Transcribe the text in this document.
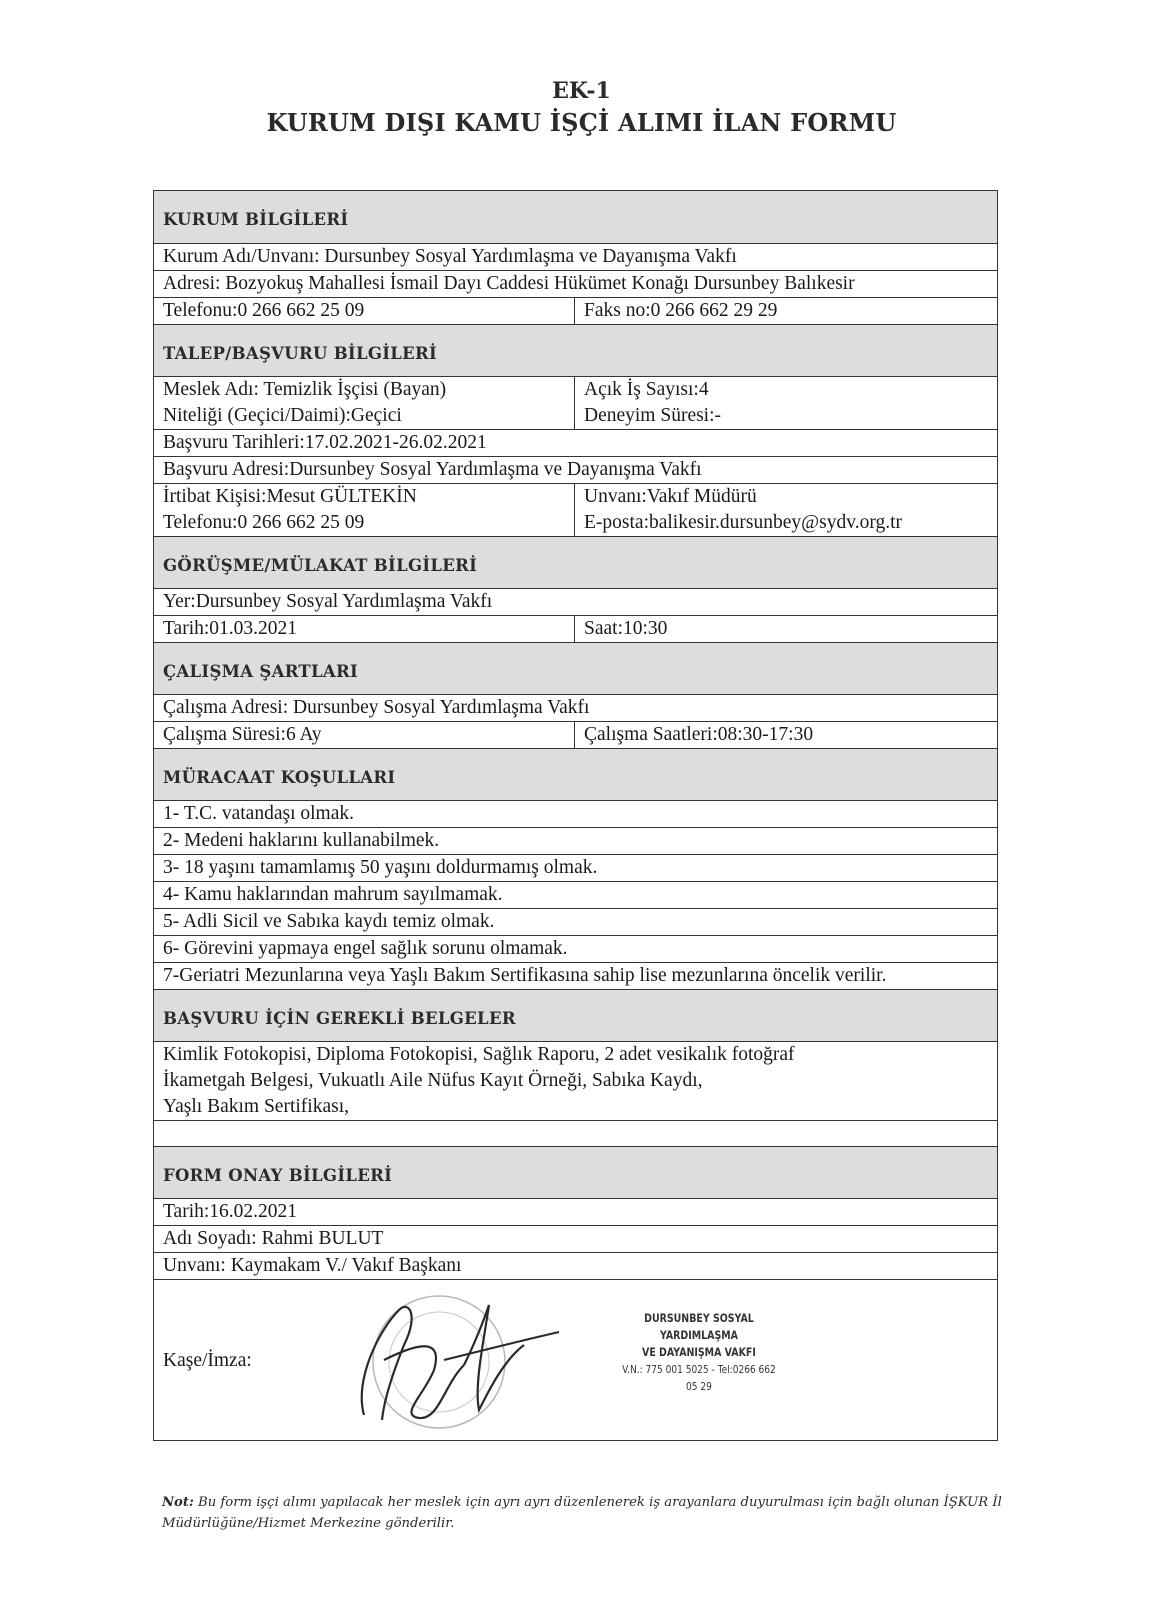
EK-1
KURUM DIŞI KAMU İŞÇİ ALIMI İLAN FORMU
KURUM BİLGİLERİ
Kurum Adı/Unvanı: Dursunbey Sosyal Yardımlaşma ve Dayanışma Vakfı
Adresi: Bozyokuş Mahallesi İsmail Dayı Caddesi Hükümet Konağı Dursunbey Balıkesir
Telefonu:0 266 662 25 09	Faks no:0 266 662 29 29
TALEP/BAŞVURU BİLGİLERİ
Meslek Adı: Temizlik İşçisi (Bayan)	Açık İş Sayısı:4
Niteliği (Geçici/Daimi):Geçici	Deneyim Süresi:-
Başvuru Tarihleri:17.02.2021-26.02.2021
Başvuru Adresi:Dursunbey Sosyal Yardımlaşma ve Dayanışma Vakfı
İrtibat Kişisi:Mesut GÜLTEKİN	Unvanı:Vakıf Müdürü
Telefonu:0 266 662 25 09	E-posta:balikesir.dursunbey@sydv.org.tr
GÖRÜŞME/MÜLAKAT BİLGİLERİ
Yer:Dursunbey Sosyal Yardımlaşma Vakfı
Tarih:01.03.2021	Saat:10:30
ÇALIŞMA ŞARTLARI
Çalışma Adresi: Dursunbey Sosyal Yardımlaşma Vakfı
Çalışma Süresi:6 Ay	Çalışma Saatleri:08:30-17:30
MÜRACAAT KOŞULLARI
1- T.C. vatandaşı olmak.
2- Medeni haklarını kullanabilmek.
3- 18 yaşını tamamlamış 50 yaşını doldurmamış olmak.
4- Kamu haklarından mahrum sayılmamak.
5- Adli Sicil ve Sabıka kaydı temiz olmak.
6- Görevini yapmaya engel sağlık sorunu olmamak.
7-Geriatri Mezunlarına veya Yaşlı Bakım Sertifikasına sahip lise mezunlarına öncelik verilir.
BAŞVURU İÇİN GEREKLİ BELGELER
Kimlik Fotokopisi, Diploma Fotokopisi, Sağlık Raporu, 2 adet vesikalık fotoğraf
İkametgah Belgesi, Vukuatlı Aile Nüfus Kayıt Örneği, Sabıka Kaydı,
Yaşlı Bakım Sertifikası,
FORM ONAY BİLGİLERİ
Tarih:16.02.2021
Adı Soyadı: Rahmi BULUT
Unvanı: Kaymakam V./ Vakıf Başkanı
Kaşe/İmza:
DURSUNBEY SOSYAL YARDIMLAŞMA
VE DAYANIŞMA VAKFI
V.N.: 775 001 5025 - Tel:0266 662 05 29
Not: Bu form işçi alımı yapılacak her meslek için ayrı ayrı düzenlenerek iş arayanlara duyurulması için bağlı olunan İŞKUR İl Müdürlüğüne/Hizmet Merkezine gönderilir.
